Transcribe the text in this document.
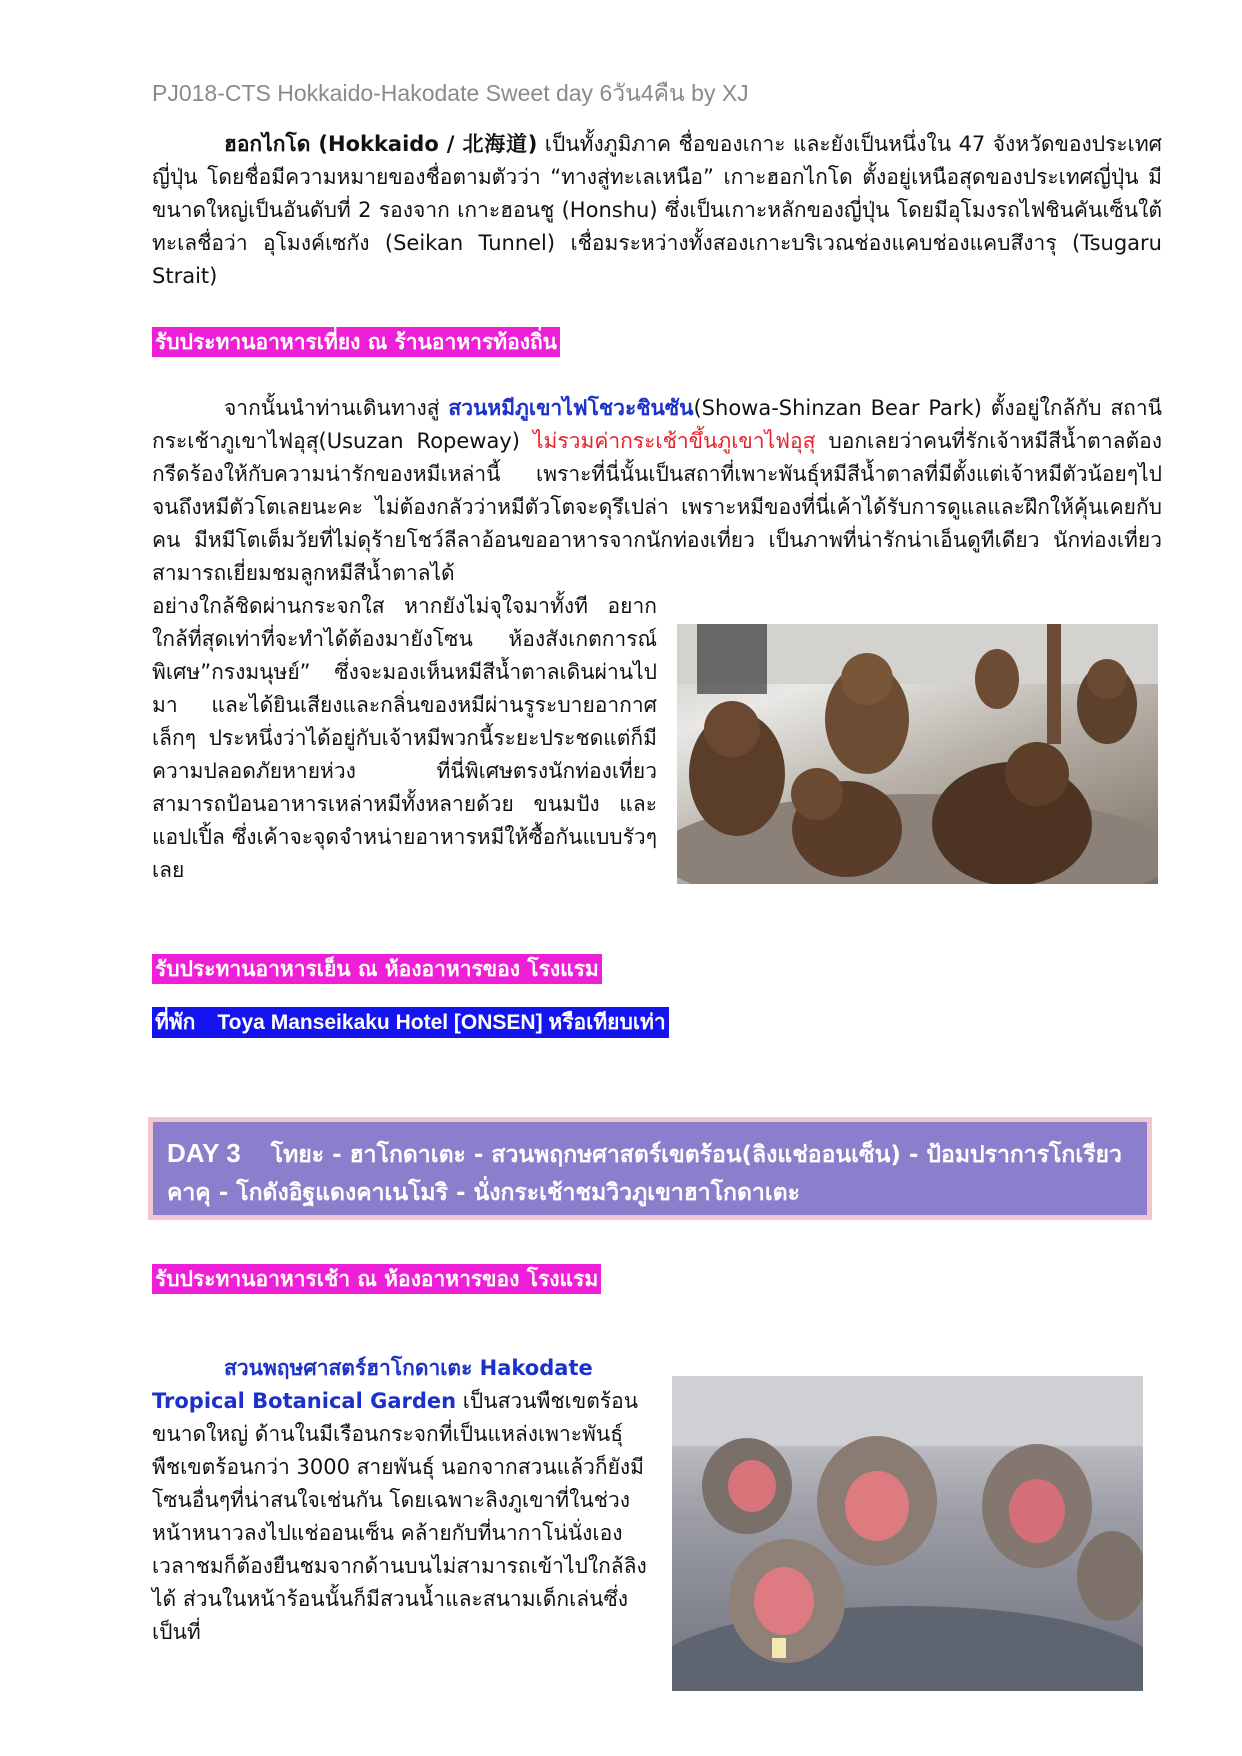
PJ018-CTS Hokkaido-Hakodate Sweet day 6วัน4คืน by XJ

ฮอกไกโด (Hokkaido / 北海道) เป็นทั้งภูมิภาค ชื่อของเกาะ และยังเป็นหนึ่งใน 47 จังหวัดของประเทศญี่ปุ่น โดยชื่อมีความหมายของชื่อตามตัวว่า “ทางสู่ทะเลเหนือ” เกาะฮอกไกโด ตั้งอยู่เหนือสุดของประเทศญี่ปุ่น มีขนาดใหญ่เป็นอันดับที่ 2 รองจาก เกาะฮอนชู (Honshu) ซึ่งเป็นเกาะหลักของญี่ปุ่น โดยมีอุโมงรถไฟชินคันเซ็นใต้ทะเลชื่อว่า อุโมงค์เซกัง (Seikan Tunnel) เชื่อมระหว่างทั้งสองเกาะบริเวณช่องแคบช่องแคบสึงารุ (Tsugaru Strait)

รับประทานอาหารเที่ยง ณ ร้านอาหารท้องถิ่น

จากนั้นนำท่านเดินทางสู่ สวนหมีภูเขาไฟโชวะชินซัน(Showa-Shinzan Bear Park) ตั้งอยู่ใกล้กับ สถานีกระเช้าภูเขาไฟอุสุ(Usuzan Ropeway) ไม่รวมค่ากระเช้าขึ้นภูเขาไฟอุสุ บอกเลยว่าคนที่รักเจ้าหมีสีน้ำตาลต้องกรีดร้องให้กับความน่ารักของหมีเหล่านี้ เพราะที่นี่นั้นเป็นสถาที่เพาะพันธุ์หมีสีน้ำตาลที่มีตั้งแต่เจ้าหมีตัวน้อยๆไปจนถึงหมีตัวโตเลยนะคะ ไม่ต้องกลัวว่าหมีตัวโตจะดุรึเปล่า เพราะหมีของที่นี่เค้าได้รับการดูแลและฝึกให้คุ้นเคยกับคน มีหมีโตเต็มวัยที่ไม่ดุร้ายโชว์ลีลาอ้อนขออาหารจากนักท่องเที่ยว เป็นภาพที่น่ารักน่าเอ็นดูทีเดียว นักท่องเที่ยวสามารถเยี่ยมชมลูกหมีสีน้ำตาลได้

อย่างใกล้ชิดผ่านกระจกใส หากยังไม่จุใจมาทั้งที อยากใกล้ที่สุดเท่าที่จะทำได้ต้องมายังโซน ห้องสังเกตการณ์พิเศษ”กรงมนุษย์” ซึ่งจะมองเห็นหมีสีน้ำตาลเดินผ่านไปมา และได้ยินเสียงและกลิ่นของหมีผ่านรูระบายอากาศเล็กๆ ประหนึ่งว่าได้อยู่กับเจ้าหมีพวกนี้ระยะประชดแต่ก็มีความปลอดภัยหายห่วง ที่นี่พิเศษตรงนักท่องเที่ยวสามารถป้อนอาหารเหล่าหมีทั้งหลายด้วย ขนมปัง และแอปเปิ้ล ซึ่งเค้าจะจุดจำหน่ายอาหารหมีให้ซื้อกันแบบรัวๆเลย

รับประทานอาหารเย็น ณ ห้องอาหารของ โรงแรม
ที่พัก Toya Manseikaku Hotel [ONSEN] หรือเทียบเท่า
DAY 3 โทยะ - ฮาโกดาเตะ - สวนพฤกษศาสตร์เขตร้อน(ลิงแช่ออนเซ็น) - ป้อมปราการโกเรียวคาคุ - โกดังอิฐแดงคาเนโมริ - นั่งกระเช้าชมวิวภูเขาฮาโกดาเตะ
รับประทานอาหารเช้า ณ ห้องอาหารของ โรงแรม

สวนพฤษศาสตร์ฮาโกดาเตะ Hakodate Tropical Botanical Garden เป็นสวนพืชเขตร้อนขนาดใหญ่ ด้านในมีเรือนกระจกที่เป็นแหล่งเพาะพันธุ์พืชเขตร้อนกว่า 3000 สายพันธุ์ นอกจากสวนแล้วก็ยังมีโซนอื่นๆที่น่าสนใจเช่นกัน โดยเฉพาะลิงภูเขาที่ในช่วงหน้าหนาวลงไปแช่ออนเซ็น คล้ายกับที่นากาโน่นั่งเอง เวลาชมก็ต้องยืนชมจากด้านบนไม่สามารถเข้าไปใกล้ลิงได้ ส่วนในหน้าร้อนนั้นก็มีสวนน้ำและสนามเด็กเล่นซึ่งเป็นที่
